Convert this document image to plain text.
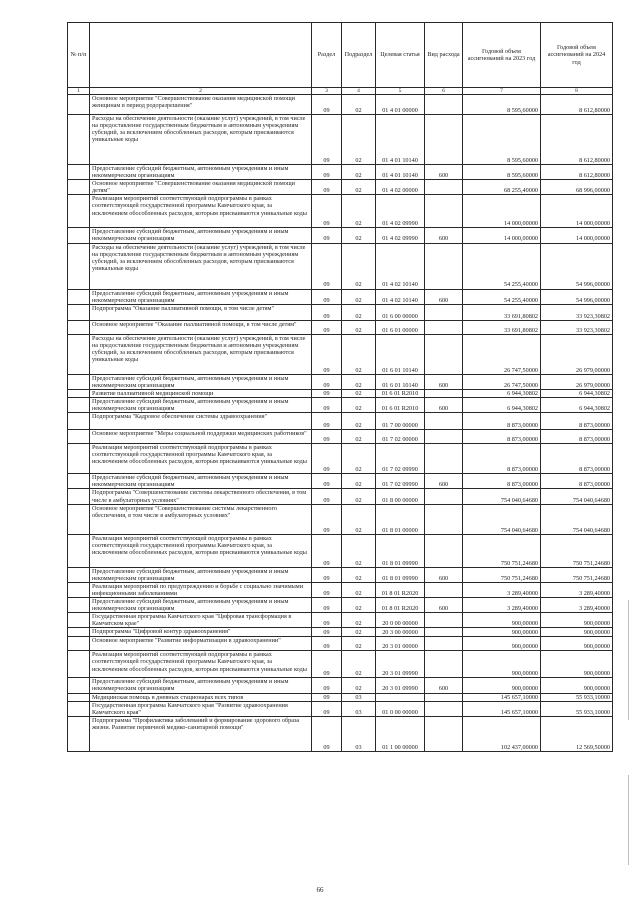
№ п/п		Раздел	Подраздел	Целевая статья	Вид расхода	Годовой объем ассигнований на 2023 год	Годовой объем ассигнований на 2024 год
1	2	3	4	5	6	7	8
	Основное мероприятие "Совершенствование оказания медицинской помощи женщинам в период родоразрешения"	09	02	01 4 01 00000		8 595,60000	8 612,80000
	Расходы на обеспечение деятельности (оказание услуг) учреждений, в том числе на предоставление государственным бюджетным и автономным учреждениям субсидий, за исключением обособленных расходов, которым присваиваются уникальные коды	09	02	01 4 01 10140		8 595,60000	8 612,80000
	Предоставление субсидий бюджетным, автономным учреждениям и иным некоммерческим организациям	09	02	01 4 01 10140	600	8 595,60000	8 612,80000
	Основное мероприятие "Совершенствование оказания медицинской помощи детям"	09	02	01 4 02 00000		68 255,40000	68 996,00000
	Реализация мероприятий соответствующей подпрограммы в рамках соответствующей государственной программы Камчатского края, за исключением обособленных расходов, которым присваиваются уникальные коды	09	02	01 4 02 09990		14 000,00000	14 000,00000
	Предоставление субсидий бюджетным, автономным учреждениям и иным некоммерческим организациям	09	02	01 4 02 09990	600	14 000,00000	14 000,00000
	Расходы на обеспечение деятельности (оказание услуг) учреждений, в том числе на предоставление государственным бюджетным и автономным учреждениям субсидий, за исключением обособленных расходов, которым присваиваются уникальные коды	09	02	01 4 02 10140		54 255,40000	54 996,00000
	Предоставление субсидий бюджетным, автономным учреждениям и иным некоммерческим организациям	09	02	01 4 02 10140	600	54 255,40000	54 996,00000
	Подпрограмма "Оказание паллиативной помощи, в том числе детям"	09	02	01 6 00 00000		33 691,80802	33 923,30802
	Основное мероприятие "Оказание паллиативной помощи, в том числе детям"	09	02	01 6 01 00000		33 691,80802	33 923,30802
	Расходы на обеспечение деятельности (оказание услуг) учреждений, в том числе на предоставление государственным бюджетным и автономным учреждениям субсидий, за исключением обособленных расходов, которым присваиваются уникальные коды	09	02	01 6 01 10140		26 747,50000	26 979,00000
	Предоставление субсидий бюджетным, автономным учреждениям и иным некоммерческим организациям	09	02	01 6 01 10140	600	26 747,50000	26 979,00000
	Развитие паллиативной медицинской помощи	09	02	01 6 01 R2010		6 944,30802	6 944,30802
	Предоставление субсидий бюджетным, автономным учреждениям и иным некоммерческим организациям	09	02	01 6 01 R2010	600	6 944,30802	6 944,30802
	Подпрограмма "Кадровое обеспечение системы здравоохранения"	09	02	01 7 00 00000		8 873,00000	8 873,00000
	Основное мероприятие "Меры социальной поддержки медицинских работников"	09	02	01 7 02 00000		8 873,00000	8 873,00000
	Реализация мероприятий соответствующей подпрограммы в рамках соответствующей государственной программы Камчатского края, за исключением обособленных расходов, которым присваиваются уникальные коды	09	02	01 7 02 09990		8 873,00000	8 873,00000
	Предоставление субсидий бюджетным, автономным учреждениям и иным некоммерческим организациям	09	02	01 7 02 09990	600	8 873,00000	8 873,00000
	Подпрограмма "Совершенствование системы лекарственного обеспечения, в том числе в амбулаторных условиях"	09	02	01 8 00 00000		754 040,64680	754 040,64680
	Основное мероприятие "Совершенствование системы лекарственного обеспечения, в том числе в амбулаторных условиях"	09	02	01 8 01 00000		754 040,64680	754 040,64680
	Реализация мероприятий соответствующей подпрограммы в рамках соответствующей государственной программы Камчатского края, за исключением обособленных расходов, которым присваиваются уникальные коды	09	02	01 8 01 09990		750 751,24680	750 751,24680
	Предоставление субсидий бюджетным, автономным учреждениям и иным некоммерческим организациям	09	02	01 8 01 09990	600	750 751,24680	750 751,24680
	Реализация мероприятий по предупреждению и борьбе с социально значимыми инфекционными заболеваниями	09	02	01 8 01 R2020		3 289,40000	3 289,40000
	Предоставление субсидий бюджетным, автономным учреждениям и иным некоммерческим организациям	09	02	01 8 01 R2020	600	3 289,40000	3 289,40000
	Государственная программа Камчатского края "Цифровая трансформация в Камчатском крае"	09	02	20 0 00 00000		900,00000	900,00000
	Подпрограмма "Цифровой контур здравоохранения"	09	02	20 3 00 00000		900,00000	900,00000
	Основное мероприятие "Развитие информатизации в здравоохранении"	09	02	20 3 01 00000		900,00000	900,00000
	Реализация мероприятий соответствующей подпрограммы в рамках соответствующей государственной программы Камчатского края, за исключением обособленных расходов, которым присваиваются уникальные коды	09	02	20 3 01 09990		900,00000	900,00000
	Предоставление субсидий бюджетным, автономным учреждениям и иным некоммерческим организациям	09	02	20 3 01 09990	600	900,00000	900,00000
	Медицинская помощь в дневных стационарах всех типов	09	03			145 657,10000	55 933,10000
	Государственная программа Камчатского края "Развитие здравоохранения Камчатского края"	09	03	01 0 00 00000		145 657,10000	55 933,10000
	Подпрограмма "Профилактика заболеваний и формирование здорового образа жизни. Развитие первичной медико-санитарной помощи"	09	03	01 1 00 00000		102 437,00000	12 569,50000
66
